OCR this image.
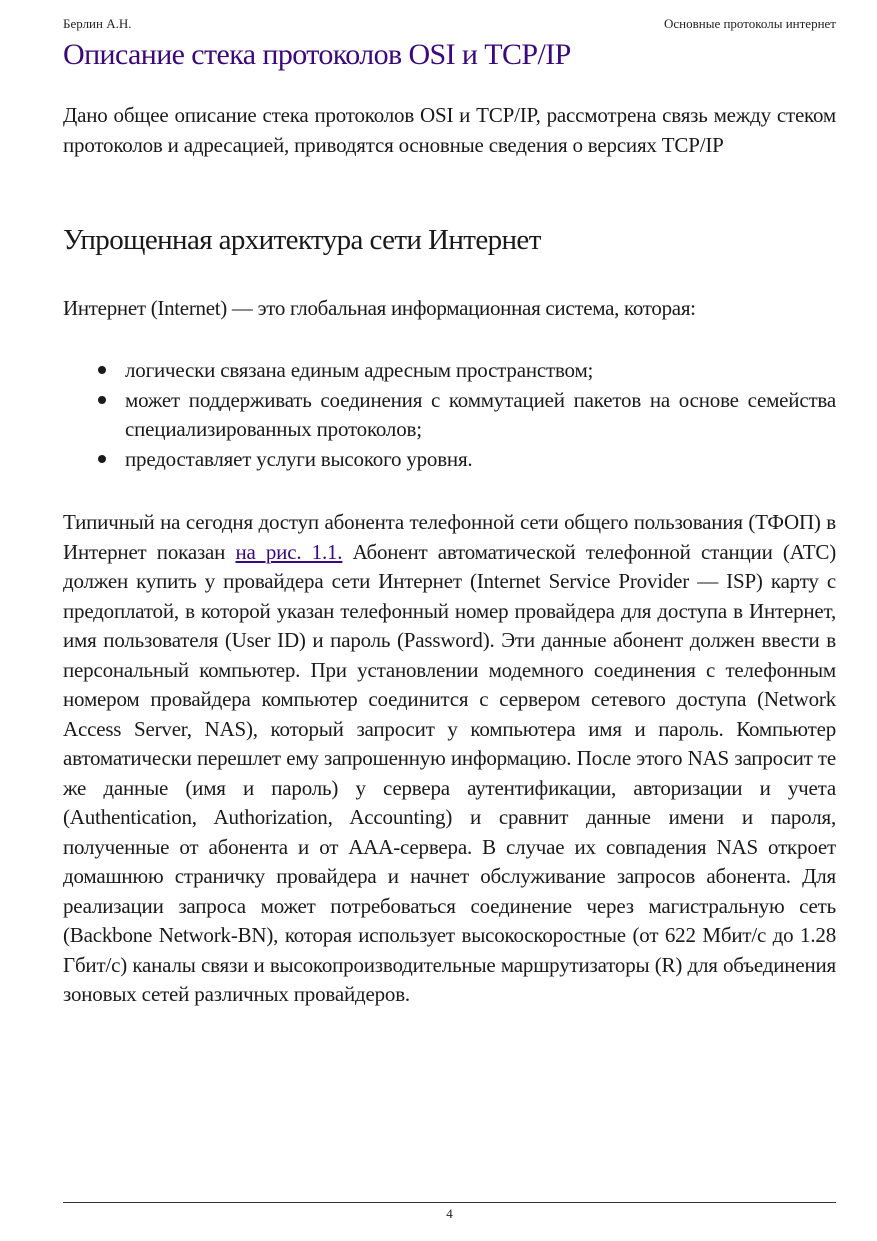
Берлин А.Н.	Основные протоколы интернет
Описание стека протоколов OSI и TCP/IP

Дано общее описание стека протоколов OSI и TCP/IP, рассмотрена связь между стеком протоколов и адресацией, приводятся основные сведения о версиях TCP/IP

Упрощенная архитектура сети Интернет

Интернет (Internet) — это глобальная информационная система, которая:

логически связана единым адресным пространством;
может поддерживать соединения с коммутацией пакетов на основе семейства специализированных протоколов;
предоставляет услуги высокого уровня.

Типичный на сегодня доступ абонента телефонной сети общего пользования (ТФОП) в Интернет показан на рис. 1.1. Абонент автоматической телефонной станции (АТС) должен купить у провайдера сети Интернет (Internet Service Provider — ISP) карту с предоплатой, в которой указан телефонный номер провайдера для доступа в Интернет, имя пользователя (User ID) и пароль (Password). Эти данные абонент должен ввести в персональный компьютер. При установлении модемного соединения с телефонным номером провайдера компьютер соединится с сервером сетевого доступа (Network Access Server, NAS), который запросит у компьютера имя и пароль. Компьютер автоматически перешлет ему запрошенную информацию. После этого NAS запросит те же данные (имя и пароль) у сервера аутентификации, авторизации и учета (Authentication, Authorization, Accounting) и сравнит данные имени и пароля, полученные от абонента и от AAA-сервера. В случае их совпадения NAS откроет домашнюю страничку провайдера и начнет обслуживание запросов абонента. Для реализации запроса может потребоваться соединение через магистральную сеть (Backbone Network-BN), которая использует высокоскоростные (от 622 Мбит/с до 1.28 Гбит/с) каналы связи и высокопроизводительные маршрутизаторы (R) для объединения зоновых сетей различных провайдеров.

4
